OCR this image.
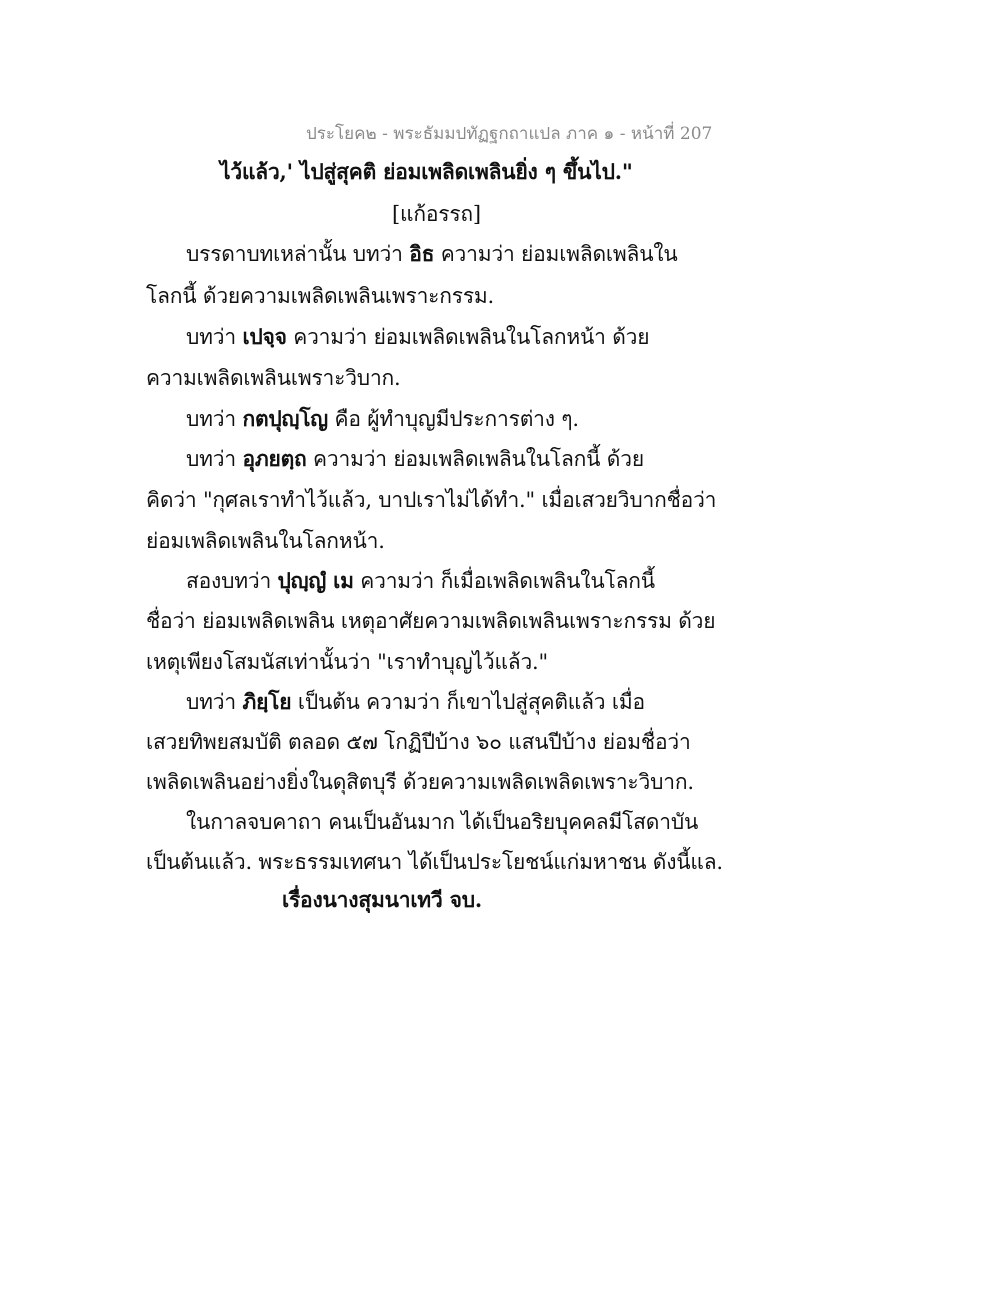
ประโยค๒ - พระธัมมปทัฏฐกถาแปล ภาค ๑ - หน้าที่ 207
ไว้แล้ว,' ไปสู่สุคติ ย่อมเพลิดเพลินยิ่ง ๆ ขึ้นไป."
[แก้อรรถ]
บรรดาบทเหล่านั้น บทว่า อิธ ความว่า ย่อมเพลิดเพลินใน
โลกนี้ ด้วยความเพลิดเพลินเพราะกรรม.
บทว่า เปจฺจ ความว่า ย่อมเพลิดเพลินในโลกหน้า ด้วย
ความเพลิดเพลินเพราะวิบาก.
บทว่า กตปุญฺโญ คือ ผู้ทำบุญมีประการต่าง ๆ.
บทว่า อุภยตฺถ ความว่า ย่อมเพลิดเพลินในโลกนี้ ด้วย
คิดว่า "กุศลเราทำไว้แล้ว, บาปเราไม่ได้ทำ." เมื่อเสวยวิบากชื่อว่า
ย่อมเพลิดเพลินในโลกหน้า.
สองบทว่า ปุญฺญํ เม ความว่า ก็เมื่อเพลิดเพลินในโลกนี้
ชื่อว่า ย่อมเพลิดเพลิน เหตุอาศัยความเพลิดเพลินเพราะกรรม ด้วย
เหตุเพียงโสมนัสเท่านั้นว่า "เราทำบุญไว้แล้ว."
บทว่า ภิยฺโย เป็นต้น ความว่า ก็เขาไปสู่สุคติแล้ว เมื่อ
เสวยทิพยสมบัติ ตลอด ๕๗ โกฏิปีบ้าง ๖๐ แสนปีบ้าง ย่อมชื่อว่า
เพลิดเพลินอย่างยิ่งในดุสิตบุรี ด้วยความเพลิดเพลิดเพราะวิบาก.
ในกาลจบคาถา คนเป็นอันมาก ได้เป็นอริยบุคคลมีโสดาบัน
เป็นต้นแล้ว. พระธรรมเทศนา ได้เป็นประโยชน์แก่มหาชน ดังนี้แล.
เรื่องนางสุมนาเทวี จบ.
